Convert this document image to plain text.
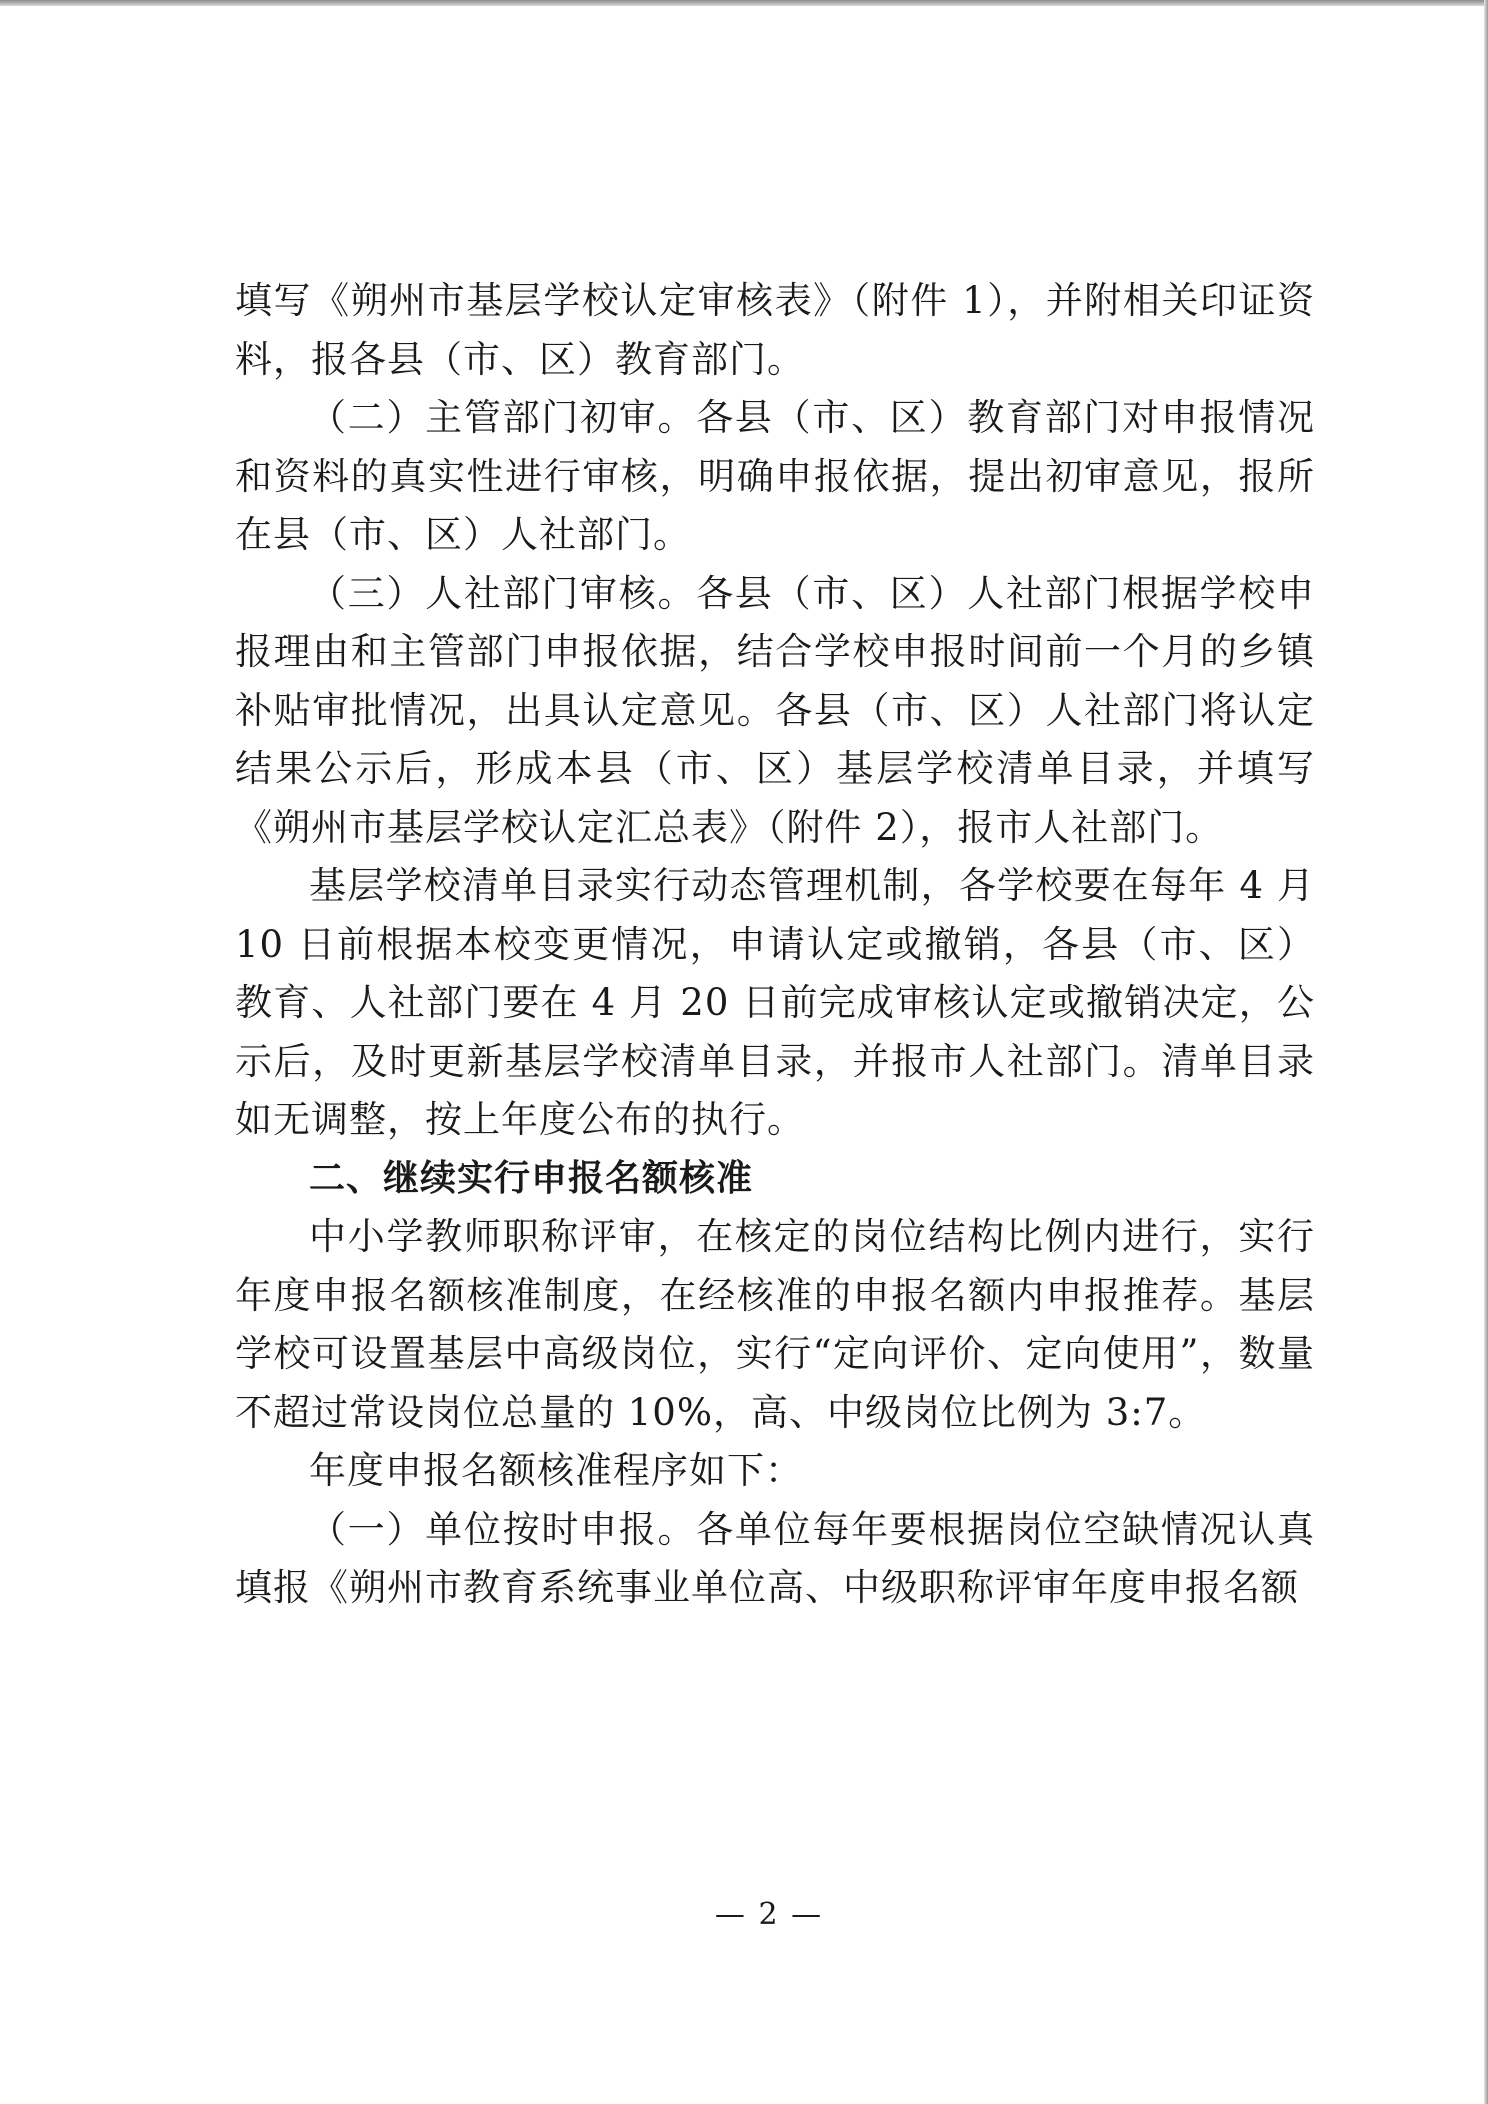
填写《朔州市基层学校认定审核表》（附件 1），并附相关印证资料，报各县（市、区）教育部门。

（二）主管部门初审。各县（市、区）教育部门对申报情况和资料的真实性进行审核，明确申报依据，提出初审意见，报所在县（市、区）人社部门。

（三）人社部门审核。各县（市、区）人社部门根据学校申报理由和主管部门申报依据，结合学校申报时间前一个月的乡镇补贴审批情况，出具认定意见。各县（市、区）人社部门将认定结果公示后，形成本县（市、区）基层学校清单目录，并填写《朔州市基层学校认定汇总表》（附件 2），报市人社部门。

基层学校清单目录实行动态管理机制，各学校要在每年 4 月 10 日前根据本校变更情况，申请认定或撤销，各县（市、区）教育、人社部门要在 4 月 20 日前完成审核认定或撤销决定，公示后，及时更新基层学校清单目录，并报市人社部门。清单目录如无调整，按上年度公布的执行。

二、继续实行申报名额核准

中小学教师职称评审，在核定的岗位结构比例内进行，实行年度申报名额核准制度，在经核准的申报名额内申报推荐。基层学校可设置基层中高级岗位，实行“定向评价、定向使用”，数量不超过常设岗位总量的 10%，高、中级岗位比例为 3:7。

年度申报名额核准程序如下：

（一）单位按时申报。各单位每年要根据岗位空缺情况认真填报《朔州市教育系统事业单位高、中级职称评审年度申报名额

— 2 —
